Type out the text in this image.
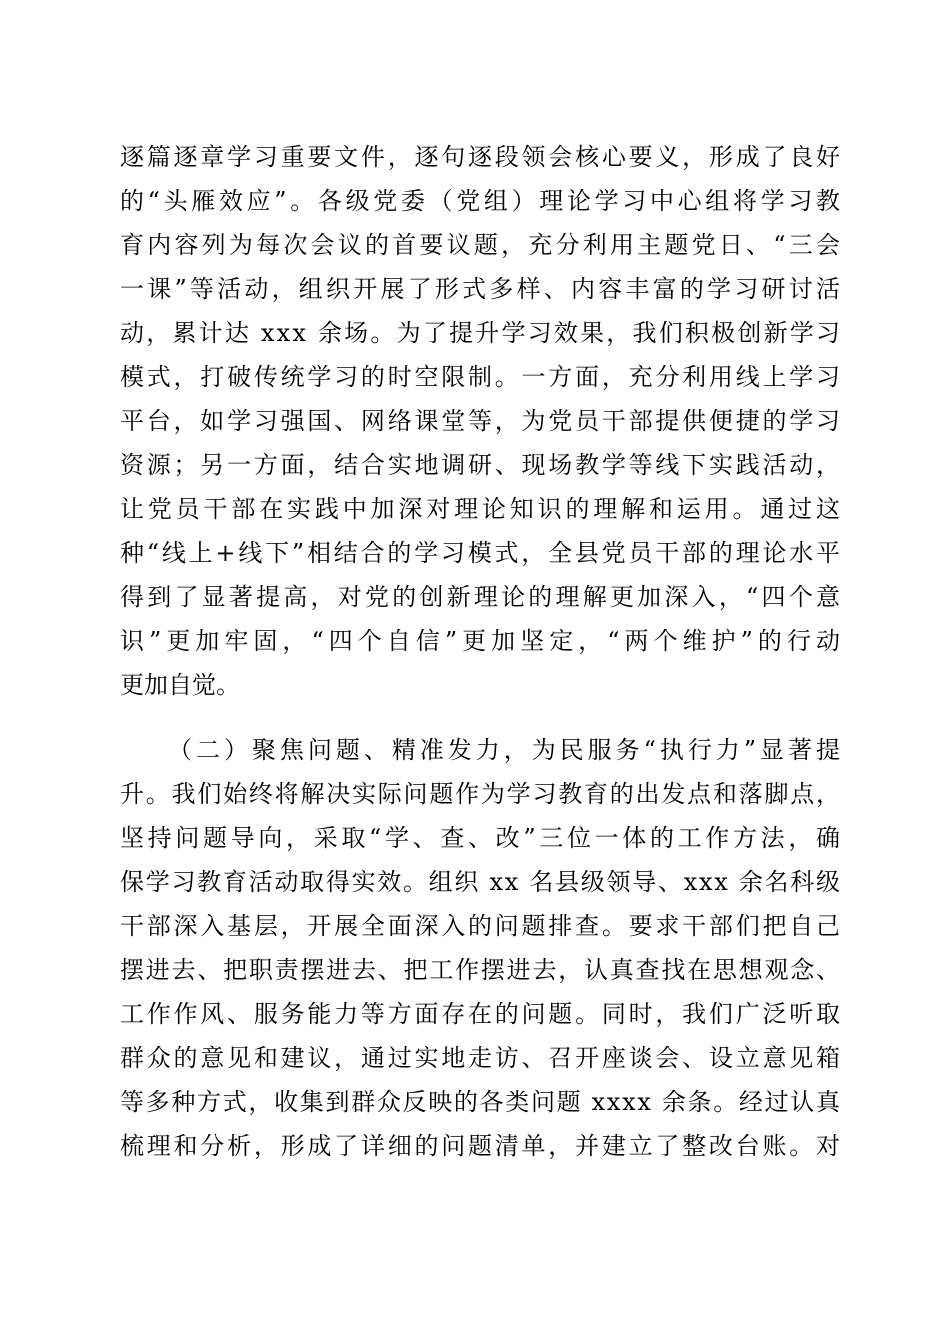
逐篇逐章学习重要文件，逐句逐段领会核心要义，形成了良好
的“头雁效应”。各级党委（党组）理论学习中心组将学习教
育内容列为每次会议的首要议题，充分利用主题党日、“三会
一课”等活动，组织开展了形式多样、内容丰富的学习研讨活
动，累计达 xxx 余场。为了提升学习效果，我们积极创新学习
模式，打破传统学习的时空限制。一方面，充分利用线上学习
平台，如学习强国、网络课堂等，为党员干部提供便捷的学习
资源；另一方面，结合实地调研、现场教学等线下实践活动，
让党员干部在实践中加深对理论知识的理解和运用。通过这
种“线上+线下”相结合的学习模式，全县党员干部的理论水平
得到了显著提高，对党的创新理论的理解更加深入，“四个意
识”更加牢固，“四个自信”更加坚定，“两个维护”的行动
更加自觉。
（二）聚焦问题、精准发力，为民服务“执行力”显著提
升。我们始终将解决实际问题作为学习教育的出发点和落脚点，
坚持问题导向，采取“学、查、改”三位一体的工作方法，确
保学习教育活动取得实效。组织 xx 名县级领导、xxx 余名科级
干部深入基层，开展全面深入的问题排查。要求干部们把自己
摆进去、把职责摆进去、把工作摆进去，认真查找在思想观念、
工作作风、服务能力等方面存在的问题。同时，我们广泛听取
群众的意见和建议，通过实地走访、召开座谈会、设立意见箱
等多种方式，收集到群众反映的各类问题 xxxx 余条。经过认真
梳理和分析，形成了详细的问题清单，并建立了整改台账。对
